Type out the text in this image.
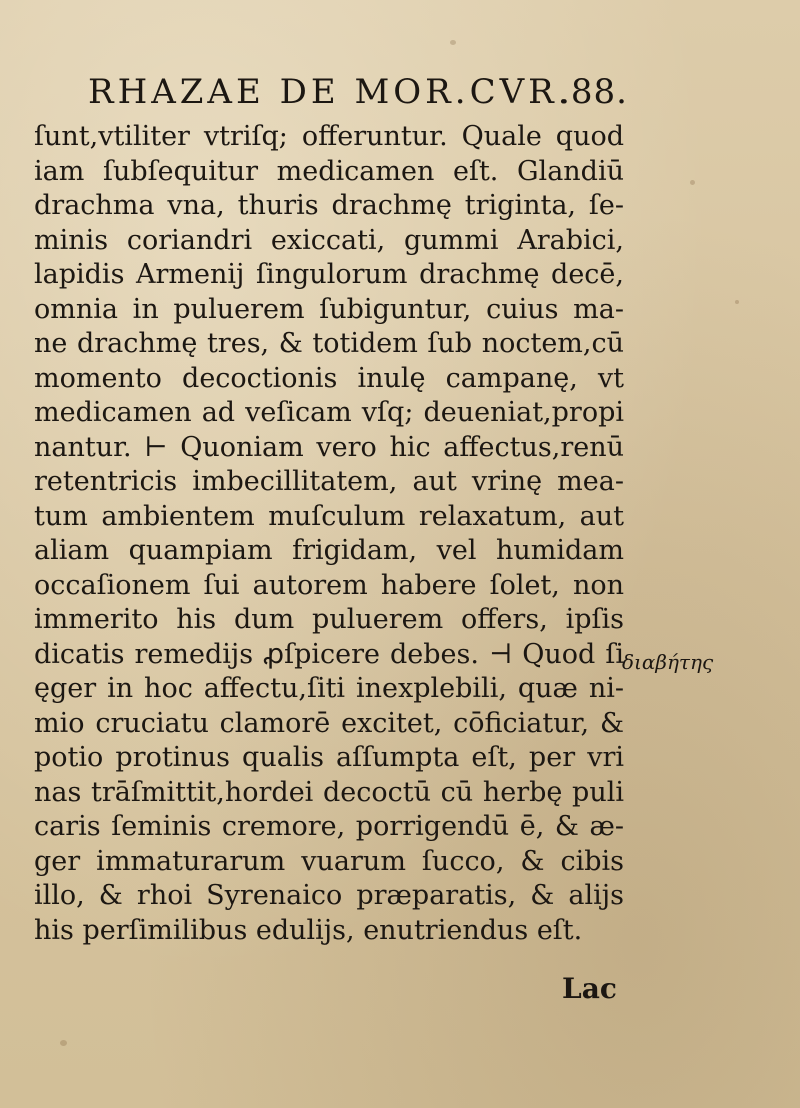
RHAZAE DE MOR.CVR.
.88.
ſunt,vtiliter vtriſq; offeruntur. Quale quod
iam ſubſequitur medicamen eſt. Glandiū
drachma vna, thuris drachmę triginta, ſe-
minis coriandri exiccati, gummi Arabici,
lapidis Armenij ſingulorum drachmę decē,
omnia in puluerem ſubiguntur, cuius ma-
ne drachmę tres, & totidem ſub noctem,cū
momento decoctionis inulę campanę, vt
medicamen ad veſicam vſq; deueniat,propi
nantur. ⊢ Quoniam vero hic affectus,renū
retentricis imbecillitatem, aut vrinę mea-
tum ambientem muſculum relaxatum, aut
aliam quampiam frigidam, vel humidam
occaſionem ſui autorem habere ſolet, non
immerito his dum puluerem offers, ipſis
dicatis remedijs ꝓſpicere debes. ⊣ Quod ſi
ęger in hoc affectu,ſiti inexplebili, quæ ni-
mio cruciatu clamorē excitet, cōficiatur, &
potio protinus qualis aſſumpta eſt, per vri
nas trāſmittit,hordei decoctū cū herbę puli
caris ſeminis cremore, porrigendū ē, & æ-
ger immaturarum vuarum ſucco, & cibis
illo, & rhoi Syrenaico præparatis, & alijs
his perſimilibus edulijs, enutriendus eſt.
διαβήτης
Lac
